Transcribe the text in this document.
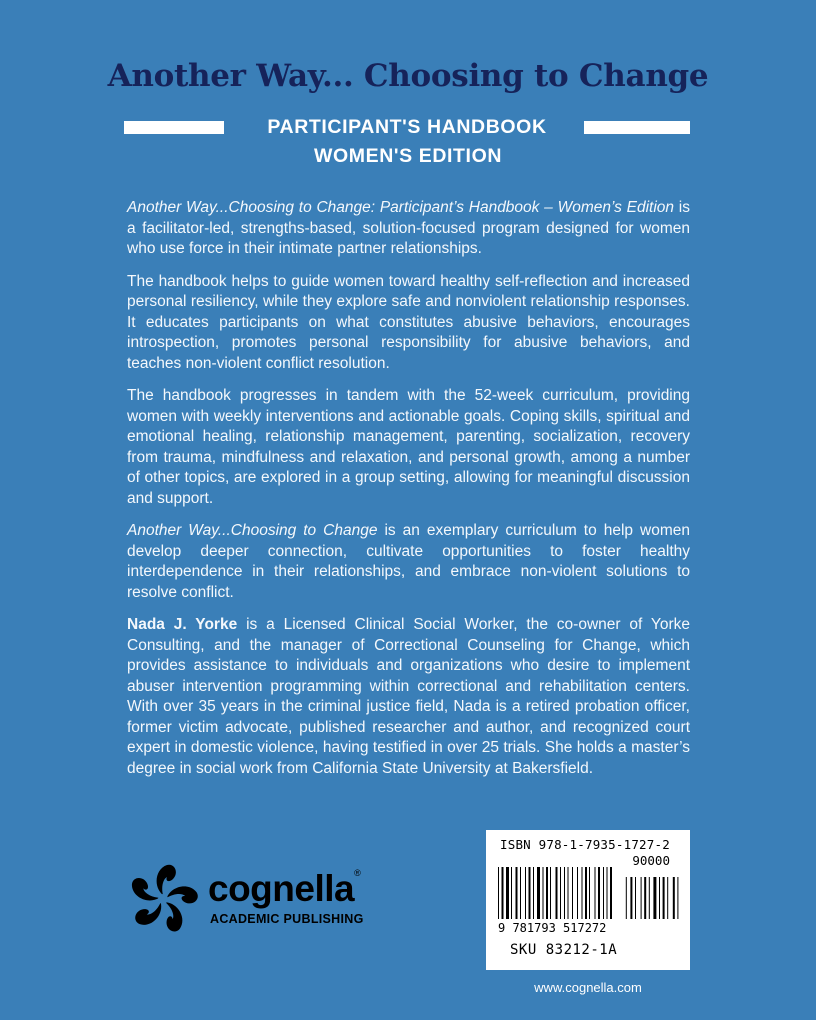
Another Way... Choosing to Change
PARTICIPANT'S HANDBOOK
WOMEN'S EDITION

Another Way...Choosing to Change: Participant’s Handbook – Women’s Edition is a facilitator-led, strengths-based, solution-focused program designed for women who use force in their intimate partner relationships.

The handbook helps to guide women toward healthy self-reflection and increased personal resiliency, while they explore safe and nonviolent relationship responses. It educates participants on what constitutes abusive behaviors, encourages introspection, promotes personal responsibility for abusive behaviors, and teaches non-violent conflict resolution.

The handbook progresses in tandem with the 52-week curriculum, providing women with weekly interventions and actionable goals. Coping skills, spiritual and emotional healing, relationship management, parenting, socialization, recovery from trauma, mindfulness and relaxation, and personal growth, among a number of other topics, are explored in a group setting, allowing for meaningful discussion and support.

Another Way...Choosing to Change is an exemplary curriculum to help women develop deeper connection, cultivate opportunities to foster healthy interdependence in their relationships, and embrace non-violent solutions to resolve conflict.

Nada J. Yorke is a Licensed Clinical Social Worker, the co-owner of Yorke Consulting, and the manager of Correctional Counseling for Change, which provides assistance to individuals and organizations who desire to implement abuser intervention programming within correctional and rehabilitation centers. With over 35 years in the criminal justice field, Nada is a retired probation officer, former victim advocate, published researcher and author, and recognized court expert in domestic violence, having testified in over 25 trials. She holds a master’s degree in social work from California State University at Bakersfield.

cognella®
ACADEMIC PUBLISHING
ISBN 978-1-7935-1727-2
90000
9 781793 517272
SKU 83212-1A
www.cognella.com
